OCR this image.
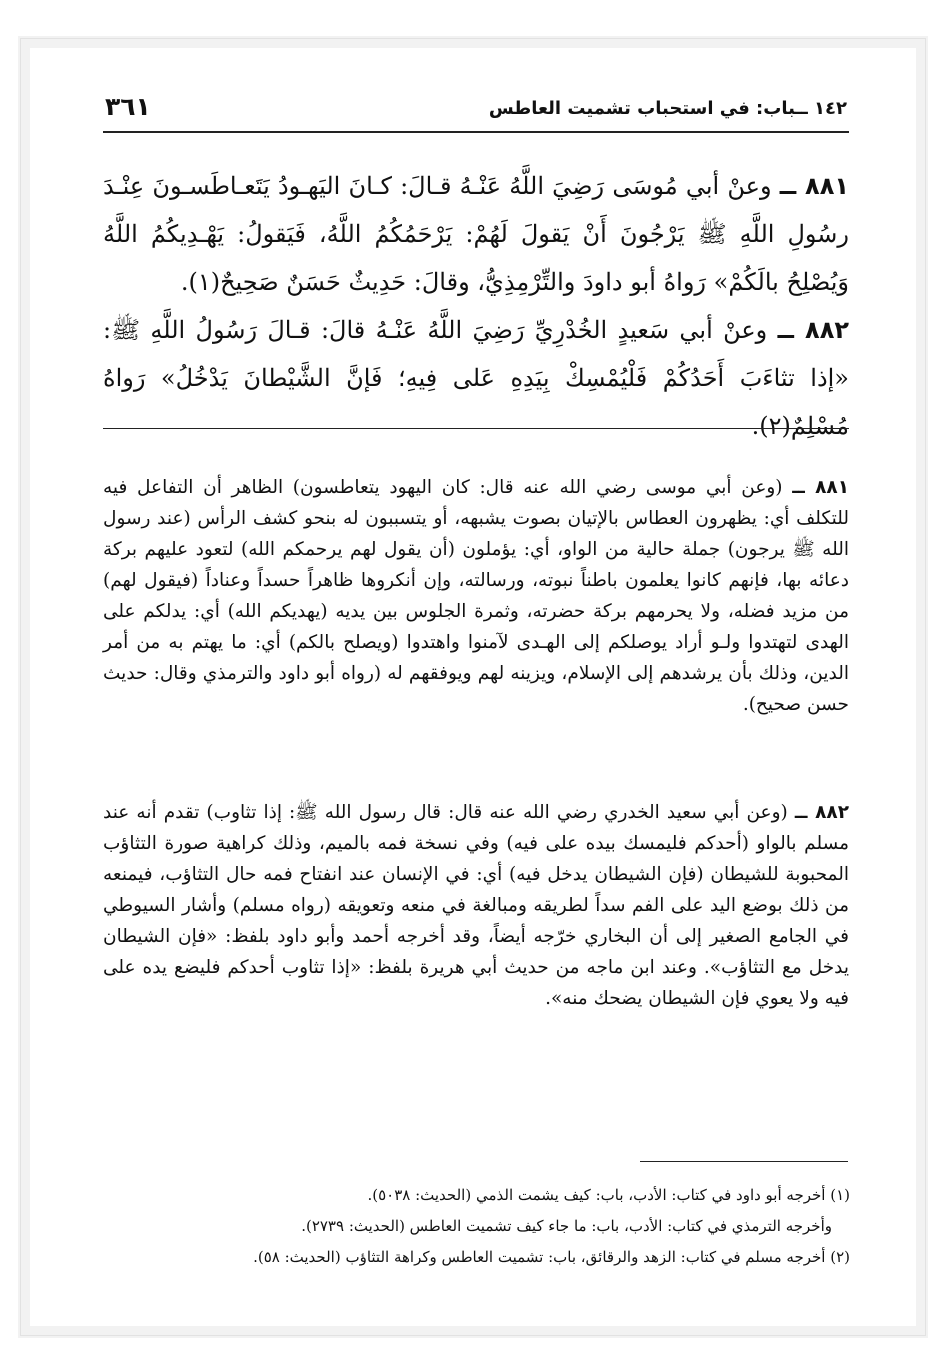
١٤٢ ــباب: في استحباب تشميت العاطس
٣٦١

٨٨١ ــ وعنْ أبي مُوسَى رَضِيَ اللَّهُ عَنْـهُ قـالَ: كـانَ اليَهـودُ يَتَعـاطَسـونَ عِنْـدَ رسُولِ اللَّهِ ﷺ يَرْجُونَ أَنْ يَقولَ لَهُمْ: يَرْحَمُكُمُ اللَّهُ، فَيَقولُ: يَهْـدِيكُمُ اللَّهُ وَيُصْلِحُ بالَكُمْ» رَواهُ أبو داودَ والتِّرْمِذِيُّ، وقالَ: حَدِيثٌ حَسَنٌ صَحِيحٌ(١).

٨٨٢ ــ وعنْ أبي سَعيدٍ الخُدْرِيِّ رَضِيَ اللَّهُ عَنْـهُ قالَ: قـالَ رَسُولُ اللَّهِ ﷺ: «إذا تثاءَبَ أَحَدُكُمْ فَلْيُمْسِكْ بِيَدِهِ عَلى فِيهِ؛ فَإنَّ الشَّيْطانَ يَدْخُلُ» رَواهُ مُسْلِمٌ(٢).

٨٨١ ــ (وعن أبي موسى رضي الله عنه قال: كان اليهود يتعاطسون) الظاهر أن التفاعل فيه للتكلف أي: يظهرون العطاس بالإتيان بصوت يشبهه، أو يتسببون له بنحو كشف الرأس (عند رسول الله ﷺ يرجون) جملة حالية من الواو، أي: يؤملون (أن يقول لهم يرحمكم الله) لتعود عليهم بركة دعائه بها، فإنهم كانوا يعلمون باطناً نبوته، ورسالته، وإن أنكروها ظاهراً حسداً وعناداً (فيقول لهم) من مزيد فضله، ولا يحرمهم بركة حضرته، وثمرة الجلوس بين يديه (يهديكم الله) أي: يدلكم على الهدى لتهتدوا ولـو أراد يوصلكم إلى الهـدى لآمنوا واهتدوا (ويصلح بالكم) أي: ما يهتم به من أمر الدين، وذلك بأن يرشدهم إلى الإسلام، ويزينه لهم ويوفقهم له (رواه أبو داود والترمذي وقال: حديث حسن صحيح).

٨٨٢ ــ (وعن أبي سعيد الخدري رضي الله عنه قال: قال رسول الله ﷺ: إذا تثاوب) تقدم أنه عند مسلم بالواو (أحدكم فليمسك بيده على فيه) وفي نسخة فمه بالميم، وذلك كراهية صورة التثاؤب المحبوبة للشيطان (فإن الشيطان يدخل فيه) أي: في الإنسان عند انفتاح فمه حال التثاؤب، فيمنعه من ذلك بوضع اليد على الفم سداً لطريقه ومبالغة في منعه وتعويقه (رواه مسلم) وأشار السيوطي في الجامع الصغير إلى أن البخاري خرّجه أيضاً، وقد أخرجه أحمد وأبو داود بلفظ: «فإن الشيطان يدخل مع التثاؤب». وعند ابن ماجه من حديث أبي هريرة بلفظ: «إذا تثاوب أحدكم فليضع يده على فيه ولا يعوي فإن الشيطان يضحك منه».

(١) أخرجه أبو داود في كتاب: الأدب، باب: كيف يشمت الذمي (الحديث: ٥٠٣٨).

وأخرجه الترمذي في كتاب: الأدب، باب: ما جاء كيف تشميت العاطس (الحديث: ٢٧٣٩).

(٢) أخرجه مسلم في كتاب: الزهد والرقائق، باب: تشميت العاطس وكراهة التثاؤب (الحديث: ٥٨).
